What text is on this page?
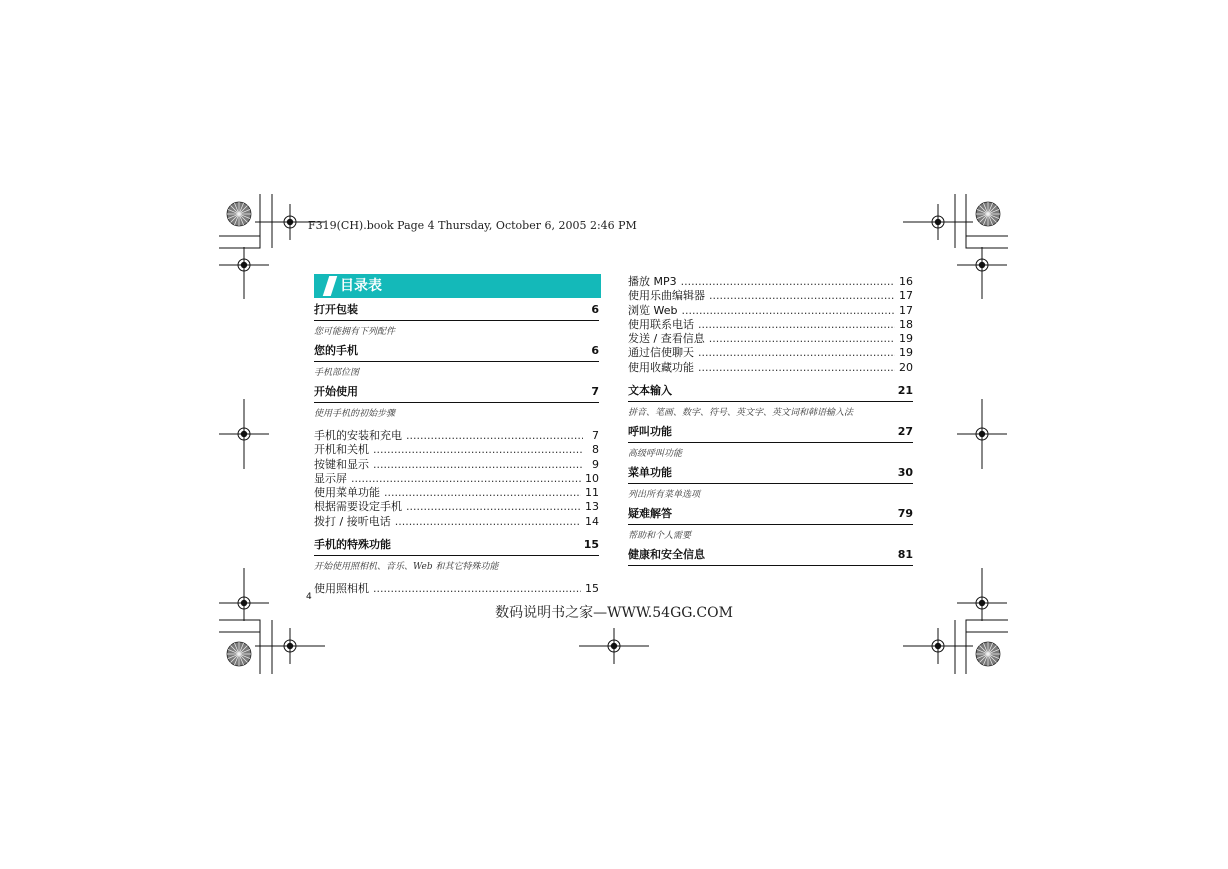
F319(CH).book Page 4 Thursday, October 6, 2005 2:46 PM
目录表
打开包装	6
您可能拥有下列配件
您的手机	6
手机部位图
开始使用	7
使用手机的初始步骤
手机的安装和充电 .....	7
开机和关机 .....	8
按键和显示 .....	9
显示屏 .....	10
使用菜单功能 .....	11
根据需要设定手机 .....	13
拨打 / 接听电话 .....	14
手机的特殊功能	15
开始使用照相机、音乐、Web 和其它特殊功能
使用照相机 .....	15
播放 MP3 .....	16
使用乐曲编辑器 .....	17
浏览 Web .....	17
使用联系电话 .....	18
发送 / 查看信息 .....	19
通过信使聊天 .....	19
使用收藏功能 .....	20
文本输入	21
拼音、笔画、数字、符号、英文字、英文词和韩语输入法
呼叫功能	27
高级呼叫功能
菜单功能	30
列出所有菜单选项
疑难解答	79
帮助和个人需要
健康和安全信息	81
4
数码说明书之家—WWW.54GG.COM
